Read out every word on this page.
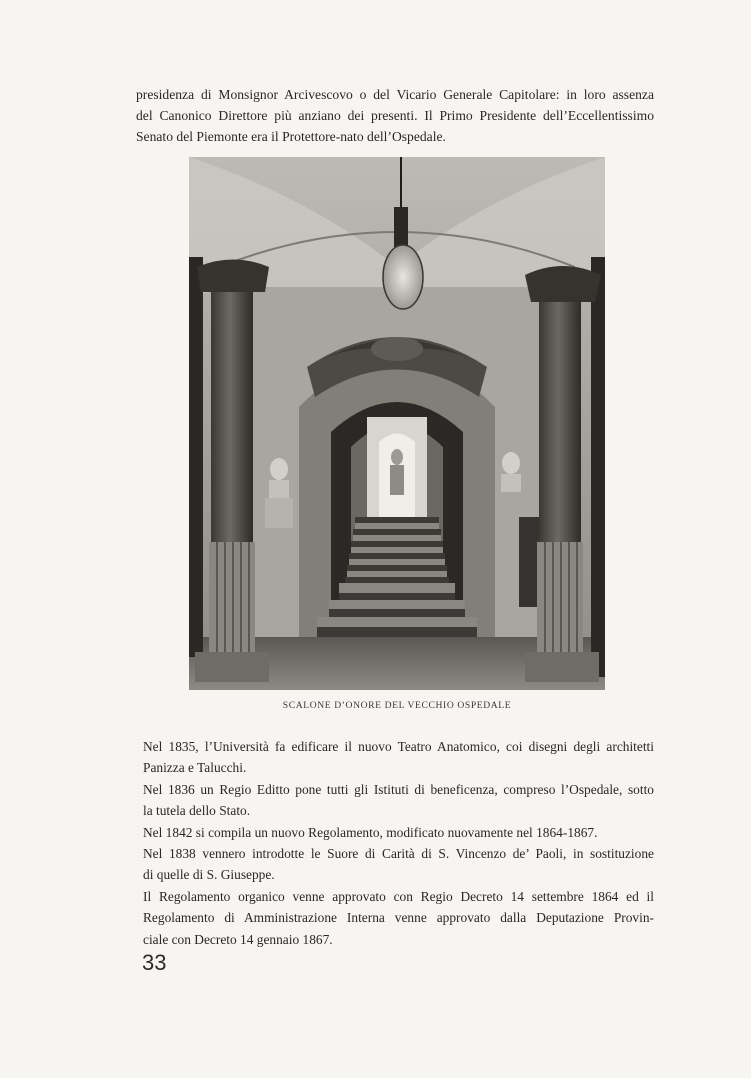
presidenza di Monsignor Arcivescovo o del Vicario Generale Capitolare: in loro assenza
del Canonico Direttore più anziano dei presenti. Il Primo Presidente dell’Eccellentissimo
Senato del Piemonte era il Protettore-nato dell’Ospedale.
SCALONE D’ONORE DEL VECCHIO OSPEDALE

Nel 1835, l’Università fa edificare il nuovo Teatro Anatomico, coi disegni degli architetti
Panizza e Talucchi.

Nel 1836 un Regio Editto pone tutti gli Istituti di beneficenza, compreso l’Ospedale, sotto
la tutela dello Stato.

Nel 1842 si compila un nuovo Regolamento, modificato nuovamente nel 1864-1867.

Nel 1838 vennero introdotte le Suore di Carità di S. Vincenzo de’ Paoli, in sostituzione
di quelle di S. Giuseppe.

Il Regolamento organico venne approvato con Regio Decreto 14 settembre 1864 ed il
Regolamento di Amministrazione Interna venne approvato dalla Deputazione Provin-
ciale con Decreto 14 gennaio 1867.

33
